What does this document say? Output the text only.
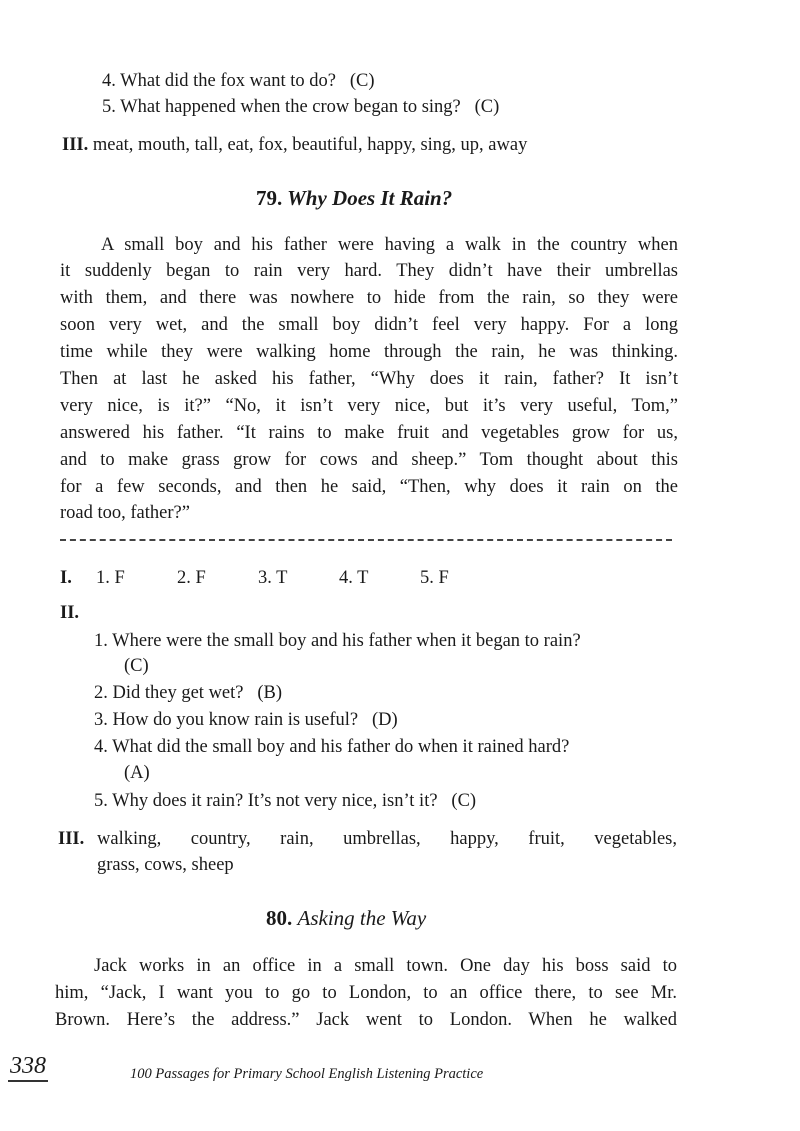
4. What did the fox want to do?   (C)
5. What happened when the crow began to sing?   (C)
III. meat, mouth, tall, eat, fox, beautiful, happy, sing, up, away
79. Why Does It Rain?
A small boy and his father were having a walk in the country when
it suddenly began to rain very hard. They didn’t have their umbrellas
with them, and there was nowhere to hide from the rain, so they were
soon very wet, and the small boy didn’t feel very happy. For a long
time while they were walking home through the rain, he was thinking.
Then at last he asked his father, “Why does it rain, father? It isn’t
very nice, is it?” “No, it isn’t very nice, but it’s very useful, Tom,”
answered his father. “It rains to make fruit and vegetables grow for us,
and to make grass grow for cows and sheep.” Tom thought about this
for a few seconds, and then he said, “Then, why does it rain on the
road too, father?”
I. 1. F	2. F	3. T	4. T	5. F
II.
1. Where were the small boy and his father when it began to rain?
(C)
2. Did they get wet?   (B)
3. How do you know rain is useful?   (D)
4. What did the small boy and his father do when it rained hard?
(A)
5. Why does it rain? It’s not very nice, isn’t it?   (C)
III. walking, country, rain, umbrellas, happy, fruit, vegetables,
grass, cows, sheep
80. Asking the Way
Jack works in an office in a small town. One day his boss said to
him, “Jack, I want you to go to London, to an office there, to see Mr.
Brown. Here’s the address.” Jack went to London. When he walked
338	100 Passages for Primary School English Listening Practice
